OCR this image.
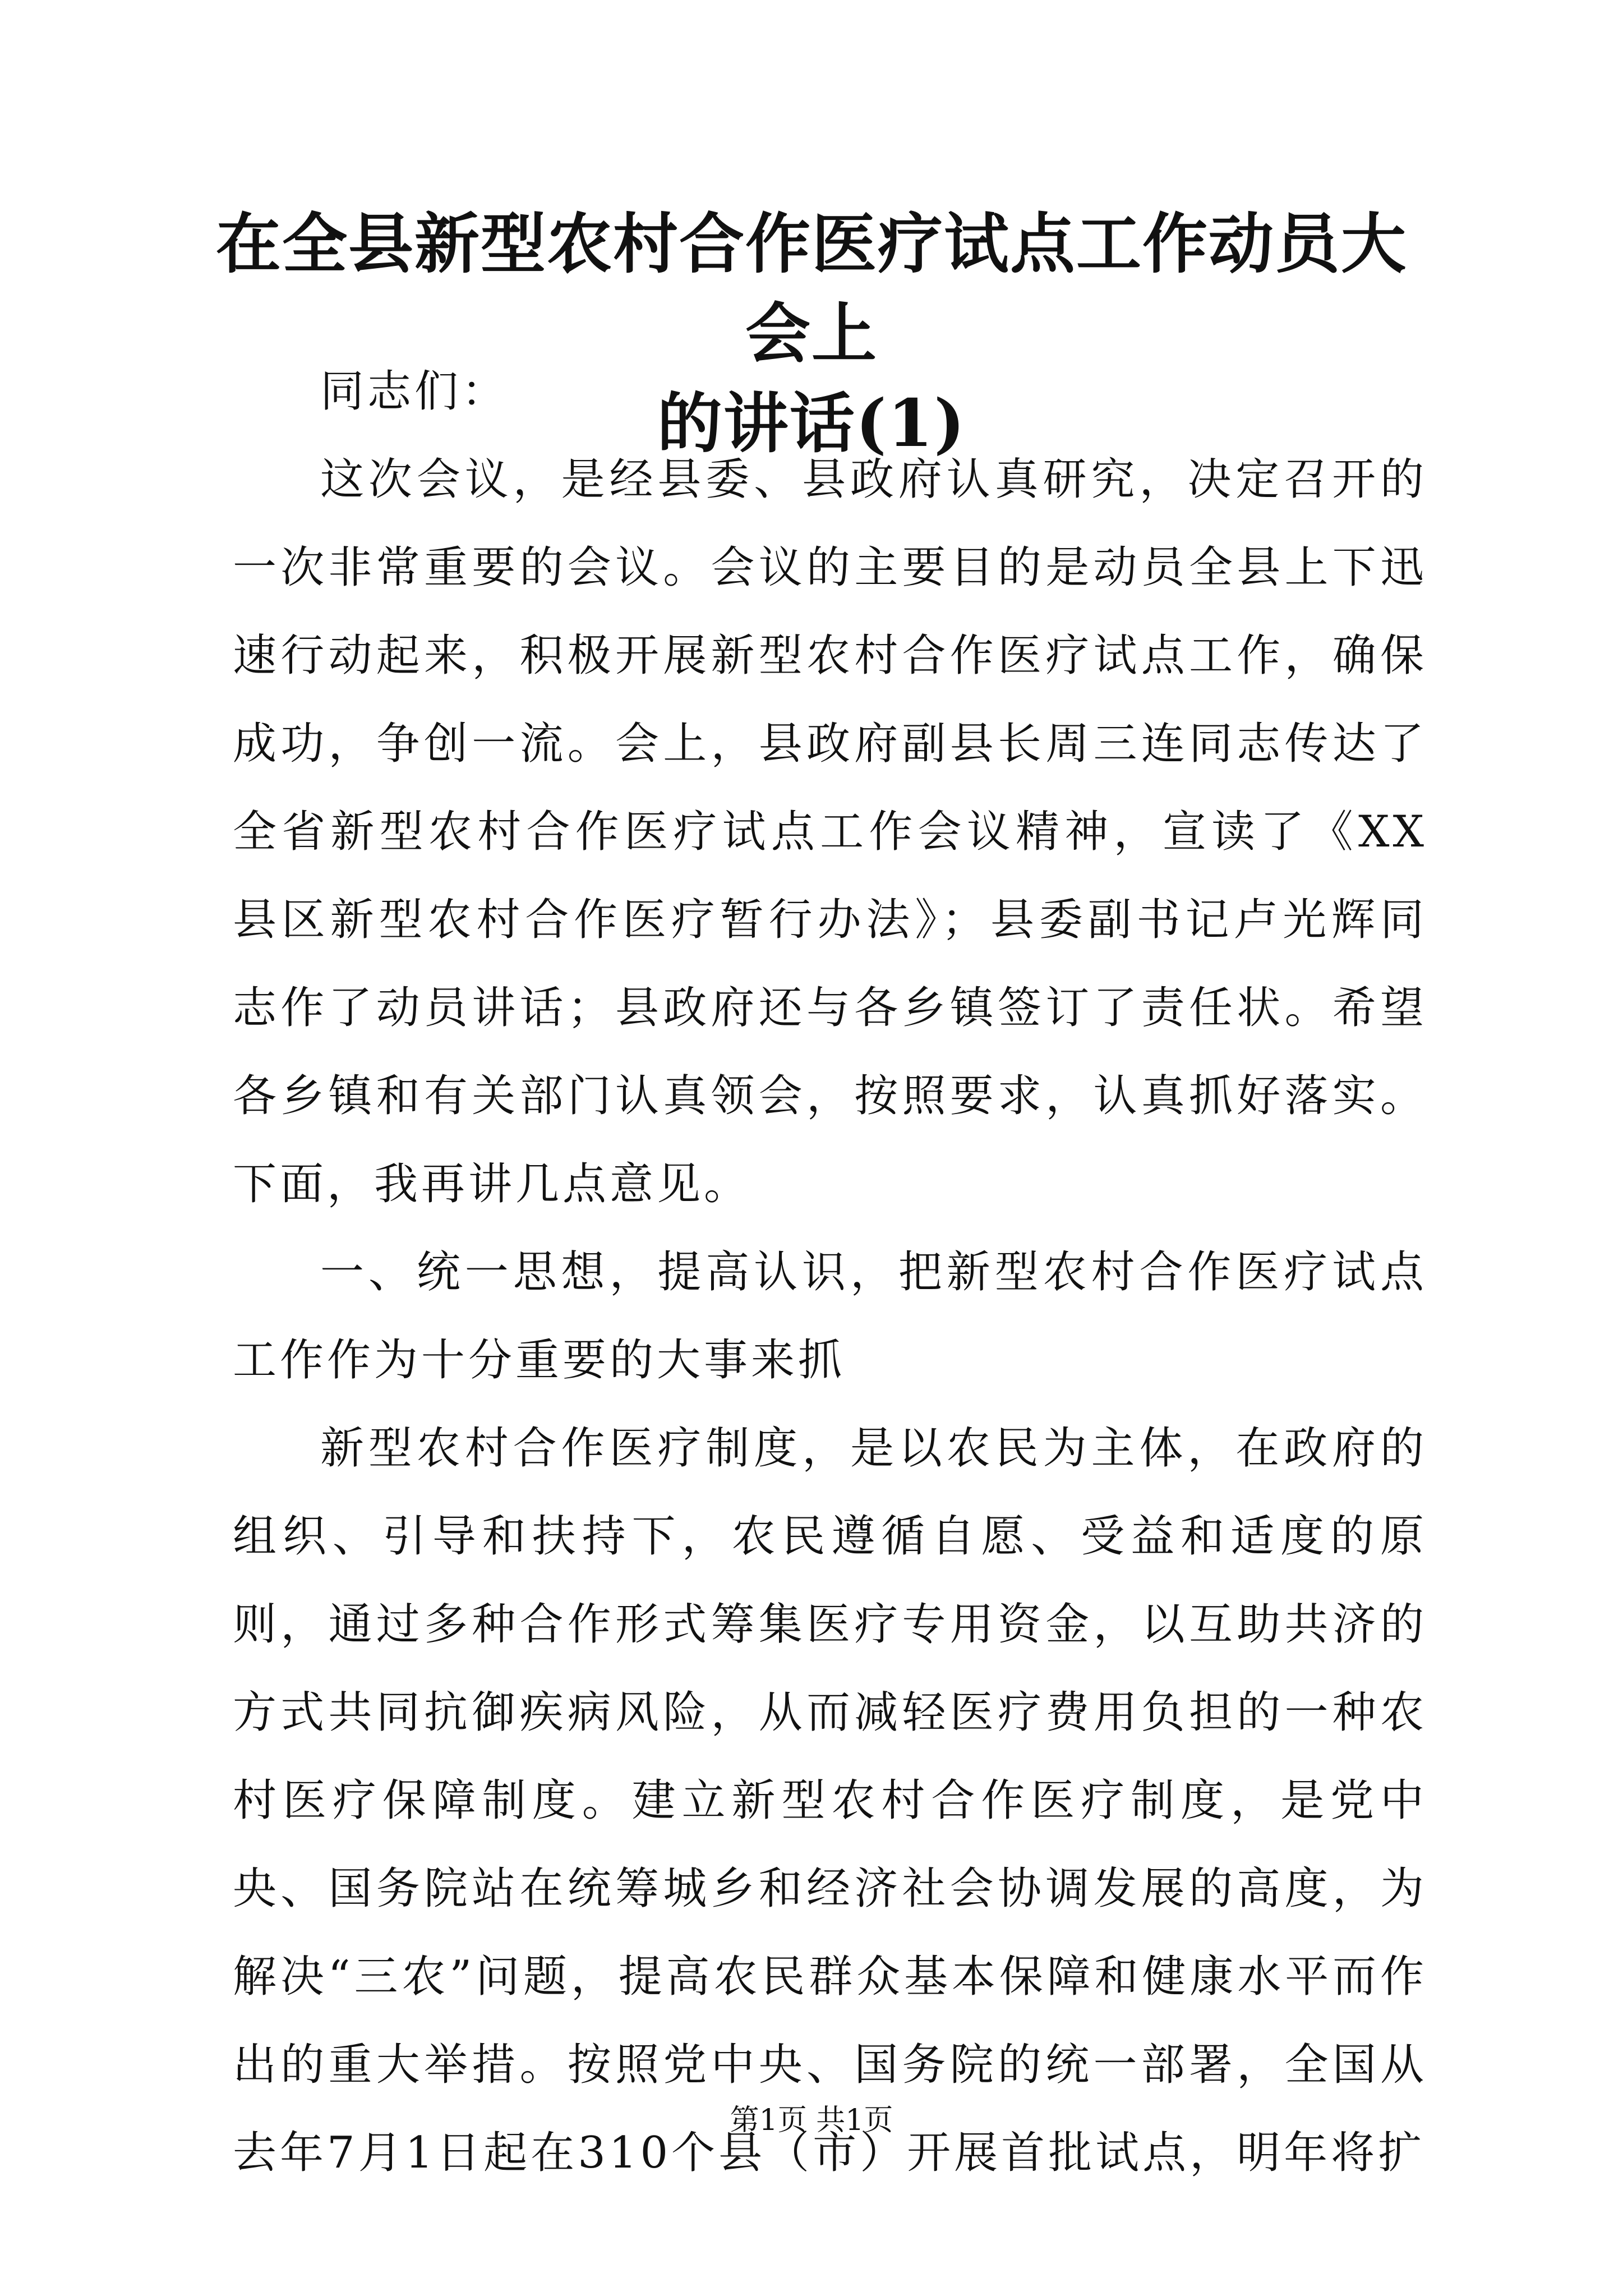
在全县新型农村合作医疗试点工作动员大会上
的讲话(1)

同志们：

这次会议，是经县委、县政府认真研究，决定召开的一次非常重要的会议。会议的主要目的是动员全县上下迅速行动起来，积极开展新型农村合作医疗试点工作，确保成功，争创一流。会上，县政府副县长周三连同志传达了全省新型农村合作医疗试点工作会议精神，宣读了《XX县区新型农村合作医疗暂行办法》；县委副书记卢光辉同志作了动员讲话；县政府还与各乡镇签订了责任状。希望各乡镇和有关部门认真领会，按照要求，认真抓好落实。下面，我再讲几点意见。

一、统一思想，提高认识，把新型农村合作医疗试点工作作为十分重要的大事来抓

新型农村合作医疗制度，是以农民为主体，在政府的组织、引导和扶持下，农民遵循自愿、受益和适度的原则，通过多种合作形式筹集医疗专用资金，以互助共济的方式共同抗御疾病风险，从而减轻医疗费用负担的一种农村医疗保障制度。建立新型农村合作医疗制度，是党中央、国务院站在统筹城乡和经济社会协调发展的高度，为解决“三农”问题，提高农民群众基本保障和健康水平而作出的重大举措。按照党中央、国务院的统一部署，全国从去年7月1日起在310个县（市）开展首批试点，明年将扩

第1页 共1页
